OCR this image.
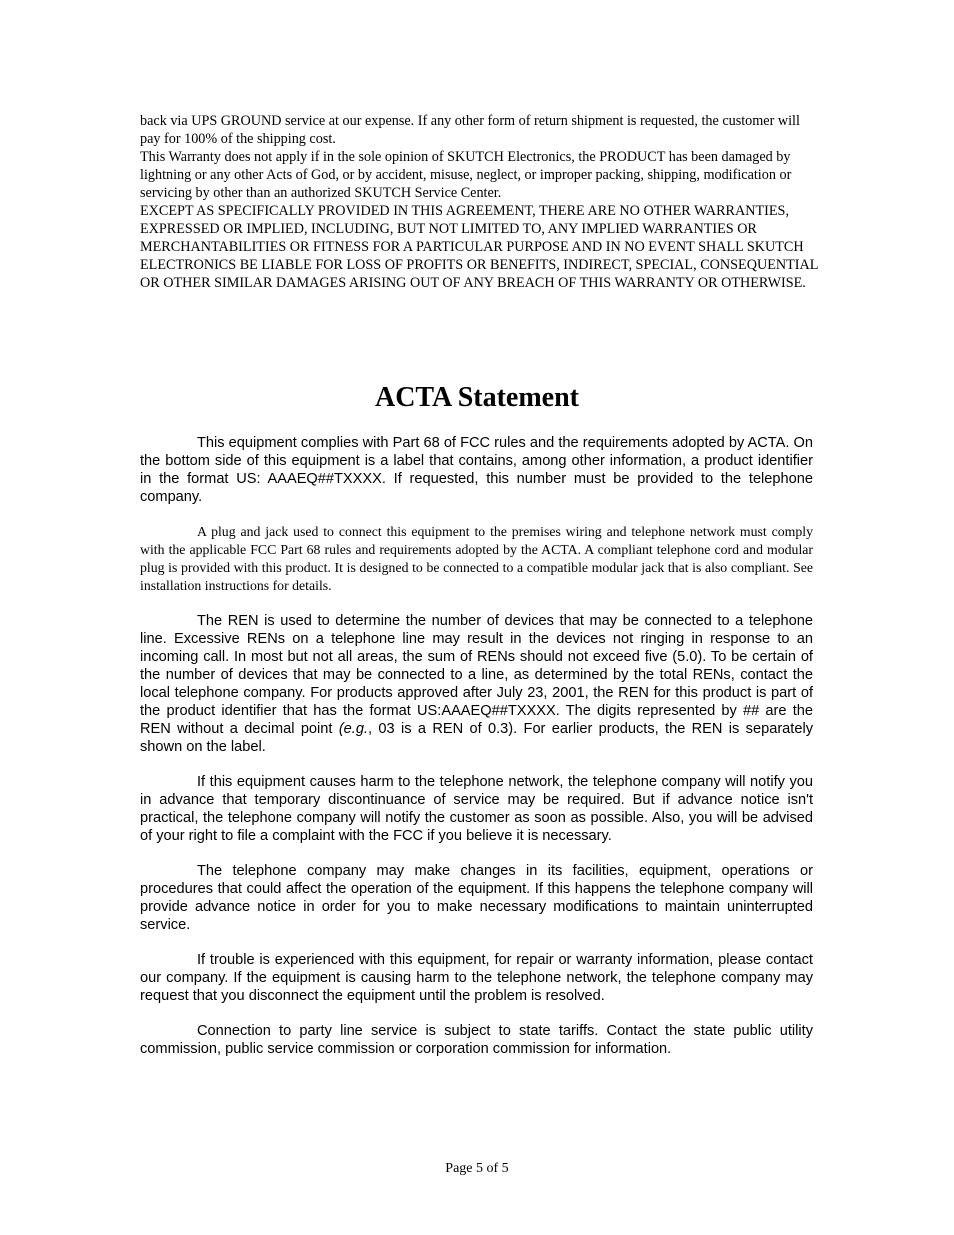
back via UPS GROUND service at our expense. If any other form of return shipment is requested, the customer will pay for 100% of the shipping cost.

This Warranty does not apply if in the sole opinion of SKUTCH Electronics, the PRODUCT has been damaged by lightning or any other Acts of God, or by accident, misuse, neglect, or improper packing, shipping, modification or servicing by other than an authorized SKUTCH Service Center.

EXCEPT AS SPECIFICALLY PROVIDED IN THIS AGREEMENT, THERE ARE NO OTHER WARRANTIES, EXPRESSED OR IMPLIED, INCLUDING, BUT NOT LIMITED TO, ANY IMPLIED WARRANTIES OR MERCHANTABILITIES OR FITNESS FOR A PARTICULAR PURPOSE AND IN NO EVENT SHALL SKUTCH ELECTRONICS BE LIABLE FOR LOSS OF PROFITS OR BENEFITS, INDIRECT, SPECIAL, CONSEQUENTIAL OR OTHER SIMILAR DAMAGES ARISING OUT OF ANY BREACH OF THIS WARRANTY OR OTHERWISE.

ACTA Statement

This equipment complies with Part 68 of FCC rules and the requirements adopted by ACTA. On the bottom side of this equipment is a label that contains, among other information, a product identifier in the format US: AAAEQ##TXXXX. If requested, this number must be provided to the telephone company.

A plug and jack used to connect this equipment to the premises wiring and telephone network must comply with the applicable FCC Part 68 rules and requirements adopted by the ACTA. A compliant telephone cord and modular plug is provided with this product. It is designed to be connected to a compatible modular jack that is also compliant. See installation instructions for details.

The REN is used to determine the number of devices that may be connected to a telephone line. Excessive RENs on a telephone line may result in the devices not ringing in response to an incoming call. In most but not all areas, the sum of RENs should not exceed five (5.0). To be certain of the number of devices that may be connected to a line, as determined by the total RENs, contact the local telephone company. For products approved after July 23, 2001, the REN for this product is part of the product identifier that has the format US:AAAEQ##TXXXX. The digits represented by ## are the REN without a decimal point (e.g., 03 is a REN of 0.3). For earlier products, the REN is separately shown on the label.

If this equipment causes harm to the telephone network, the telephone company will notify you in advance that temporary discontinuance of service may be required. But if advance notice isn't practical, the telephone company will notify the customer as soon as possible. Also, you will be advised of your right to file a complaint with the FCC if you believe it is necessary.

The telephone company may make changes in its facilities, equipment, operations or procedures that could affect the operation of the equipment. If this happens the telephone company will provide advance notice in order for you to make necessary modifications to maintain uninterrupted service.

If trouble is experienced with this equipment, for repair or warranty information, please contact our company. If the equipment is causing harm to the telephone network, the telephone company may request that you disconnect the equipment until the problem is resolved.

Connection to party line service is subject to state tariffs. Contact the state public utility commission, public service commission or corporation commission for information.

Page 5 of 5
